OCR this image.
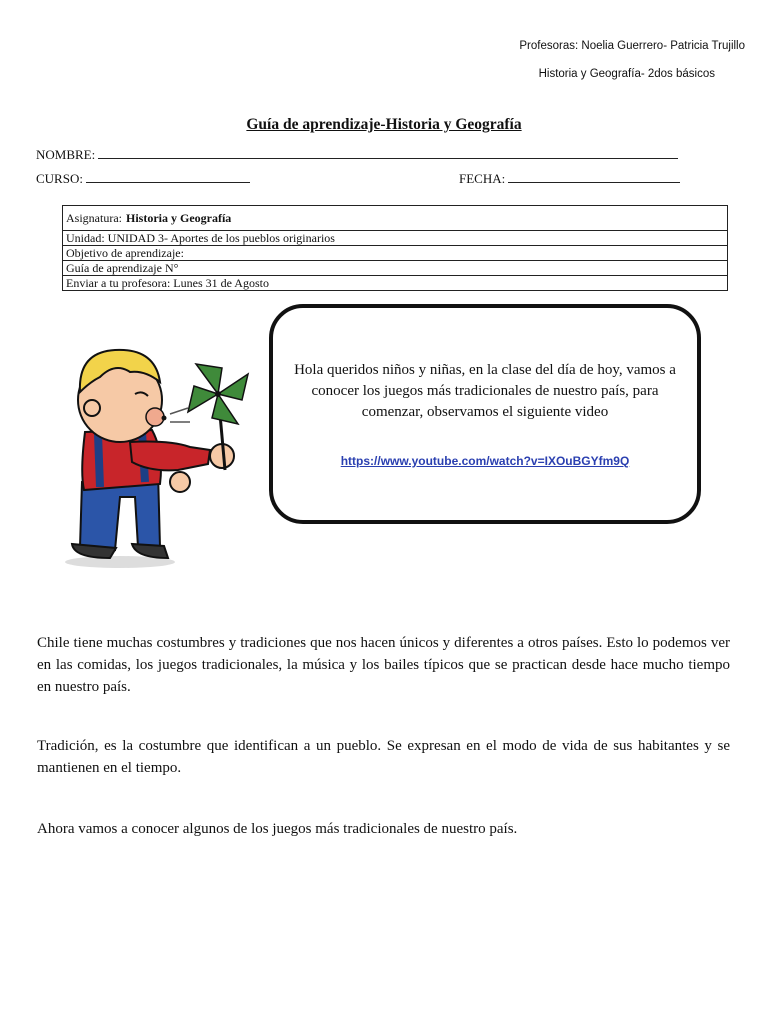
Profesoras: Noelia Guerrero- Patricia Trujillo
Historia y Geografía- 2dos básicos
Guía de aprendizaje-Historia y Geografía
NOMBRE:
CURSO:	FECHA:
Asignatura: Historia y Geografía
Unidad: UNIDAD 3- Aportes de los pueblos originarios
Objetivo de aprendizaje:
Guía de aprendizaje N°
Enviar a tu profesora: Lunes 31 de Agosto
Hola queridos niños y niñas, en la clase del día de hoy, vamos a conocer los juegos más tradicionales de nuestro país, para comenzar, observamos el siguiente video
https://www.youtube.com/watch?v=IXOuBGYfm9Q
Chile tiene muchas costumbres y tradiciones que nos hacen únicos y diferentes a otros países. Esto lo podemos ver en las comidas, los juegos tradicionales, la música y los bailes típicos que se practican desde hace mucho tiempo en nuestro país.
Tradición, es la costumbre que identifican a un pueblo. Se expresan en el modo de vida de sus habitantes y se mantienen en el tiempo.
Ahora vamos a conocer algunos de los juegos más tradicionales de nuestro país.
